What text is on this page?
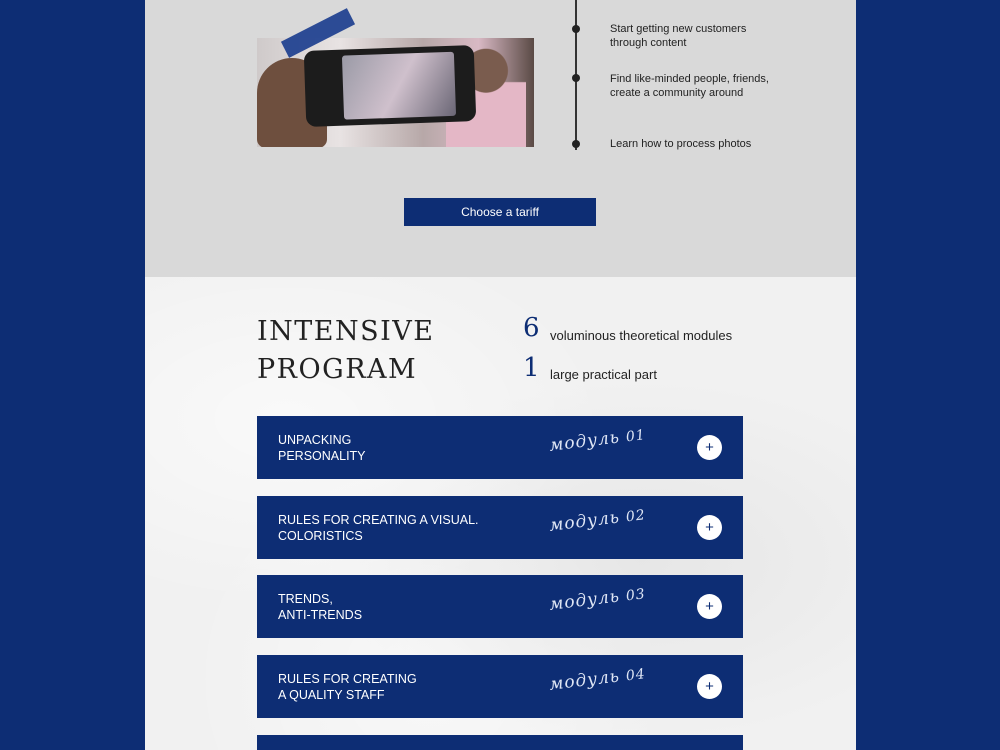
Start getting new customers through content
Find like-minded people, friends, create a community around
Learn how to process photos
Choose a tariff
INTENSIVE
PROGRAM
6 voluminous theoretical modules
1 large practical part
UNPACKING
PERSONALITY
модуль 01
+
RULES FOR CREATING A VISUAL.
COLORISTICS
модуль 02
+
TRENDS,
ANTI-TRENDS
модуль 03
+
RULES FOR CREATING
A QUALITY STAFF
модуль 04
+
